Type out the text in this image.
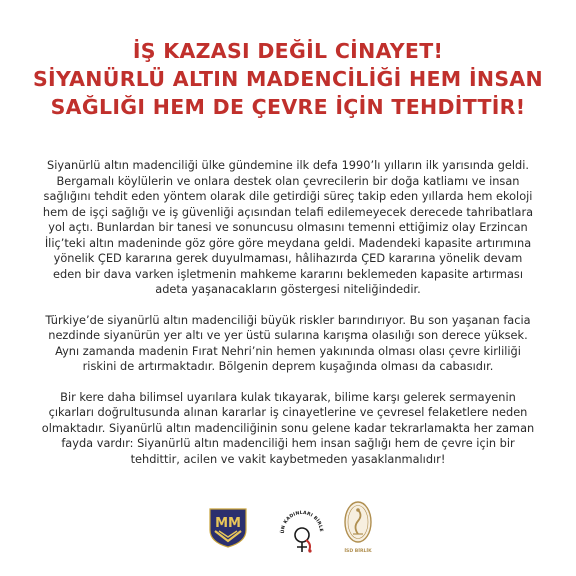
İŞ KAZASI DEĞİL CİNAYET!
SİYANÜRLÜ ALTIN MADENCİLİĞİ HEM İNSAN
SAĞLIĞI HEM DE ÇEVRE İÇİN TEHDİTTİR!

Siyanürlü altın madenciliği ülke gündemine ilk defa 1990’lı yılların ilk yarısında geldi.
Bergamalı köylülerin ve onlara destek olan çevrecilerin bir doğa katliamı ve insan
sağlığını tehdit eden yöntem olarak dile getirdiği süreç takip eden yıllarda hem ekoloji
hem de işçi sağlığı ve iş güvenliği açısından telafi edilemeyecek derecede tahribatlara
yol açtı. Bunlardan bir tanesi ve sonuncusu olmasını temenni ettiğimiz olay Erzincan
İliç’teki altın madeninde göz göre göre meydana geldi. Madendeki kapasite artırımına
yönelik ÇED kararına gerek duyulmaması, hâlihazırda ÇED kararına yönelik devam
eden bir dava varken işletmenin mahkeme kararını beklemeden kapasite artırması
adeta yaşanacakların göstergesi niteliğindedir.

Türkiye’de siyanürlü altın madenciliği büyük riskler barındırıyor. Bu son yaşanan facia
nezdinde siyanürün yer altı ve yer üstü sularına karışma olasılığı son derece yüksek.
Aynı zamanda madenin Fırat Nehri’nin hemen yakınında olması olası çevre kirliliği
riskini de artırmaktadır. Bölgenin deprem kuşağında olması da cabasıdır.

Bir kere daha bilimsel uyarılara kulak tıkayarak, bilime karşı gelerek sermayenin
çıkarları doğrultusunda alınan kararlar iş cinayetlerine ve çevresel felaketlere neden
olmaktadır. Siyanürlü altın madenciliğinin sonu gelene kadar tekrarlamakta her zaman
fayda vardır: Siyanürlü altın madenciliği hem insan sağlığı hem de çevre için bir
tehdittir, acilen ve vakit kaybetmeden yasaklanmalıdır!

MM
ÜN KADINLARI BİRLE
İSD BİRLİK
